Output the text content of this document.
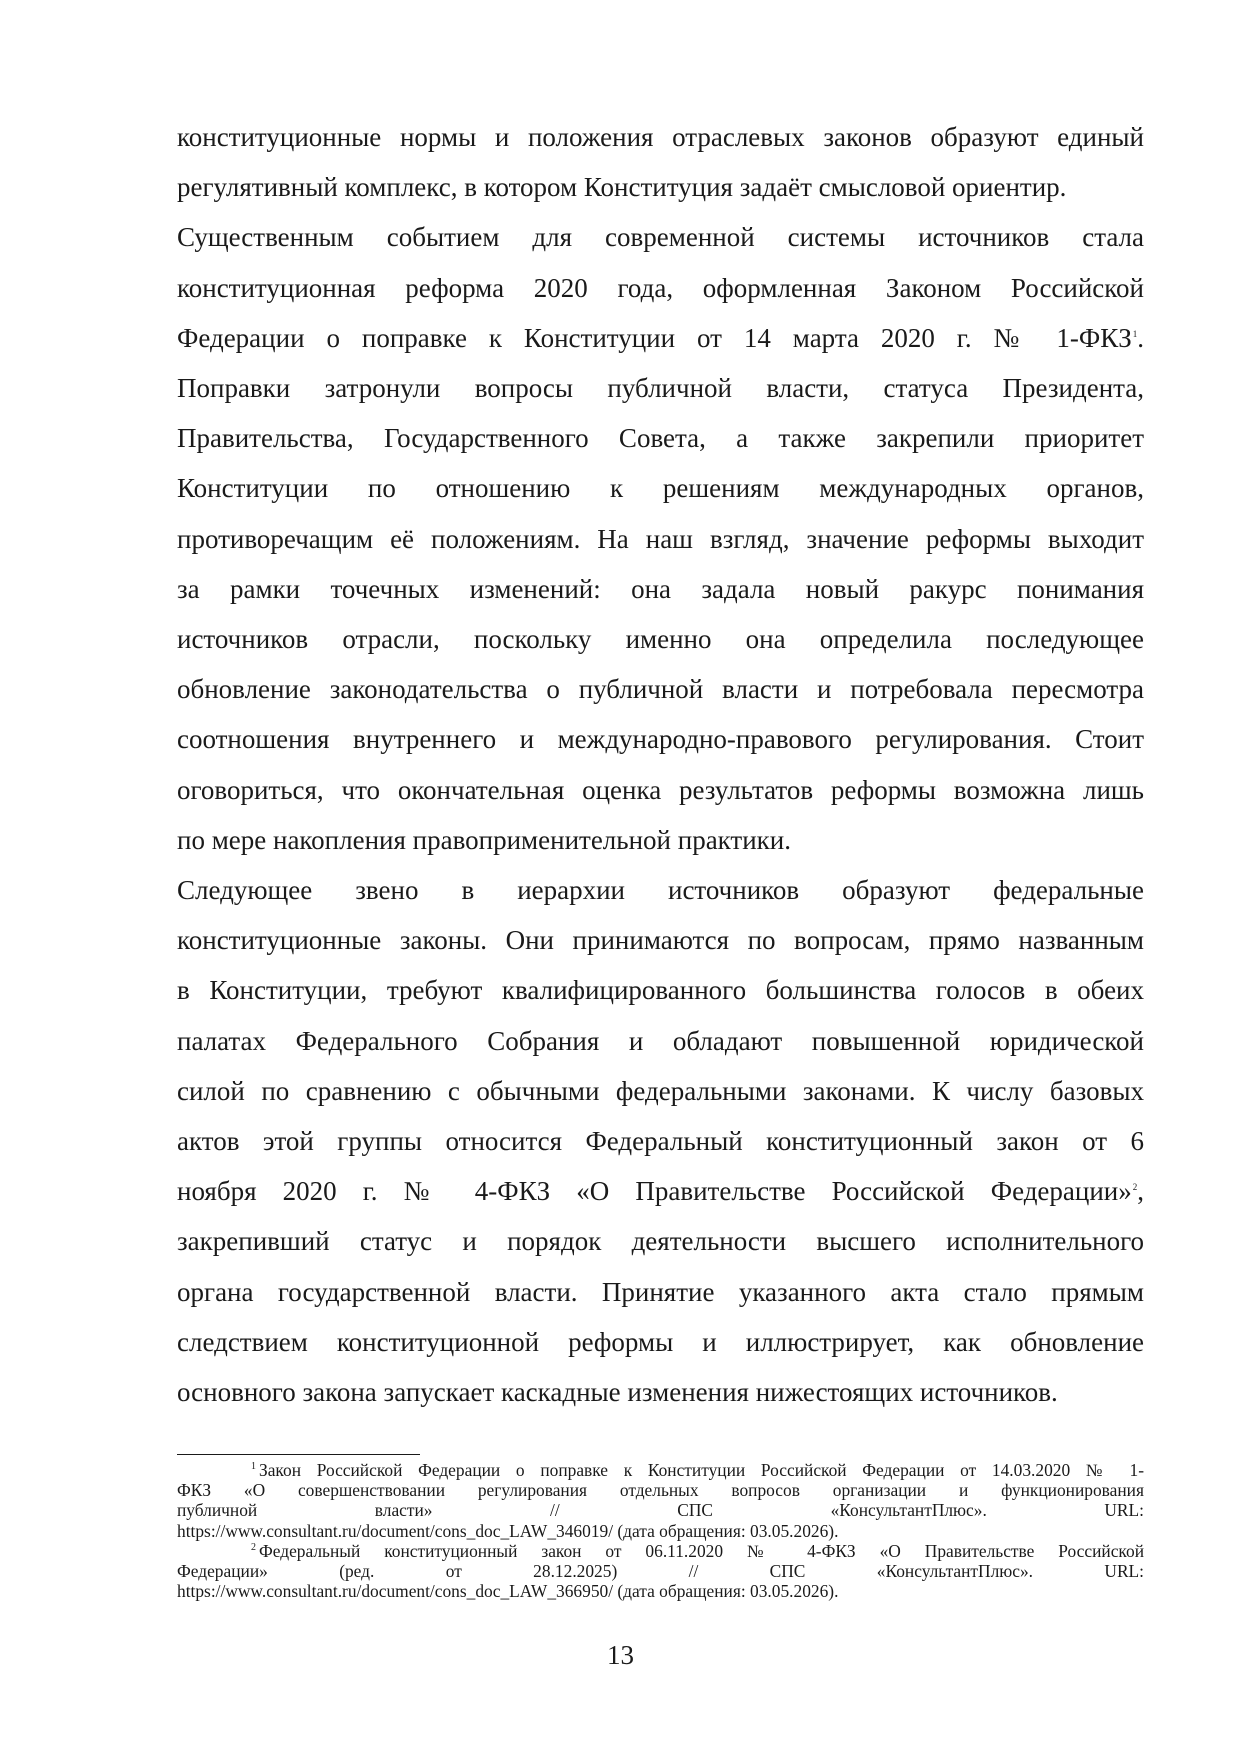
конституционные нормы и положения отраслевых законов образуют единый
регулятивный комплекс, в котором Конституция задаёт смысловой ориентир.

Существенным событием для современной системы источников стала
конституционная реформа 2020 года, оформленная Законом Российской
Федерации о поправке к Конституции от 14 марта 2020 г. № 1-ФКЗ$^1$.
Поправки затронули вопросы публичной власти, статуса Президента,
Правительства, Государственного Совета, а также закрепили приоритет
Конституции по отношению к решениям международных органов,
противоречащим её положениям. На наш взгляд, значение реформы выходит
за рамки точечных изменений: она задала новый ракурс понимания
источников отрасли, поскольку именно она определила последующее
обновление законодательства о публичной власти и потребовала пересмотра
соотношения внутреннего и международно-правового регулирования. Стоит
оговориться, что окончательная оценка результатов реформы возможна лишь
по мере накопления правоприменительной практики.

Следующее звено в иерархии источников образуют федеральные
конституционные законы. Они принимаются по вопросам, прямо названным
в Конституции, требуют квалифицированного большинства голосов в обеих
палатах Федерального Собрания и обладают повышенной юридической
силой по сравнению с обычными федеральными законами. К числу базовых
актов этой группы относится Федеральный конституционный закон от 6
ноября 2020 г. № 4-ФКЗ «О Правительстве Российской Федерации»$^2$,
закрепивший статус и порядок деятельности высшего исполнительного
органа государственной власти. Принятие указанного акта стало прямым
следствием конституционной реформы и иллюстрирует, как обновление
основного закона запускает каскадные изменения нижестоящих источников.

$^1$ Закон Российской Федерации о поправке к Конституции Российской Федерации от 14.03.2020 № 1-
ФКЗ «О совершенствовании регулирования отдельных вопросов организации и функционирования
публичной власти» // СПС «КонсультантПлюс». URL:
https://www.consultant.ru/document/cons_doc_LAW_346019/ (дата обращения: 03.05.2026).

$^2$ Федеральный конституционный закон от 06.11.2020 № 4-ФКЗ «О Правительстве Российской
Федерации» (ред. от 28.12.2025) // СПС «КонсультантПлюс». URL:
https://www.consultant.ru/document/cons_doc_LAW_366950/ (дата обращения: 03.05.2026).

13
